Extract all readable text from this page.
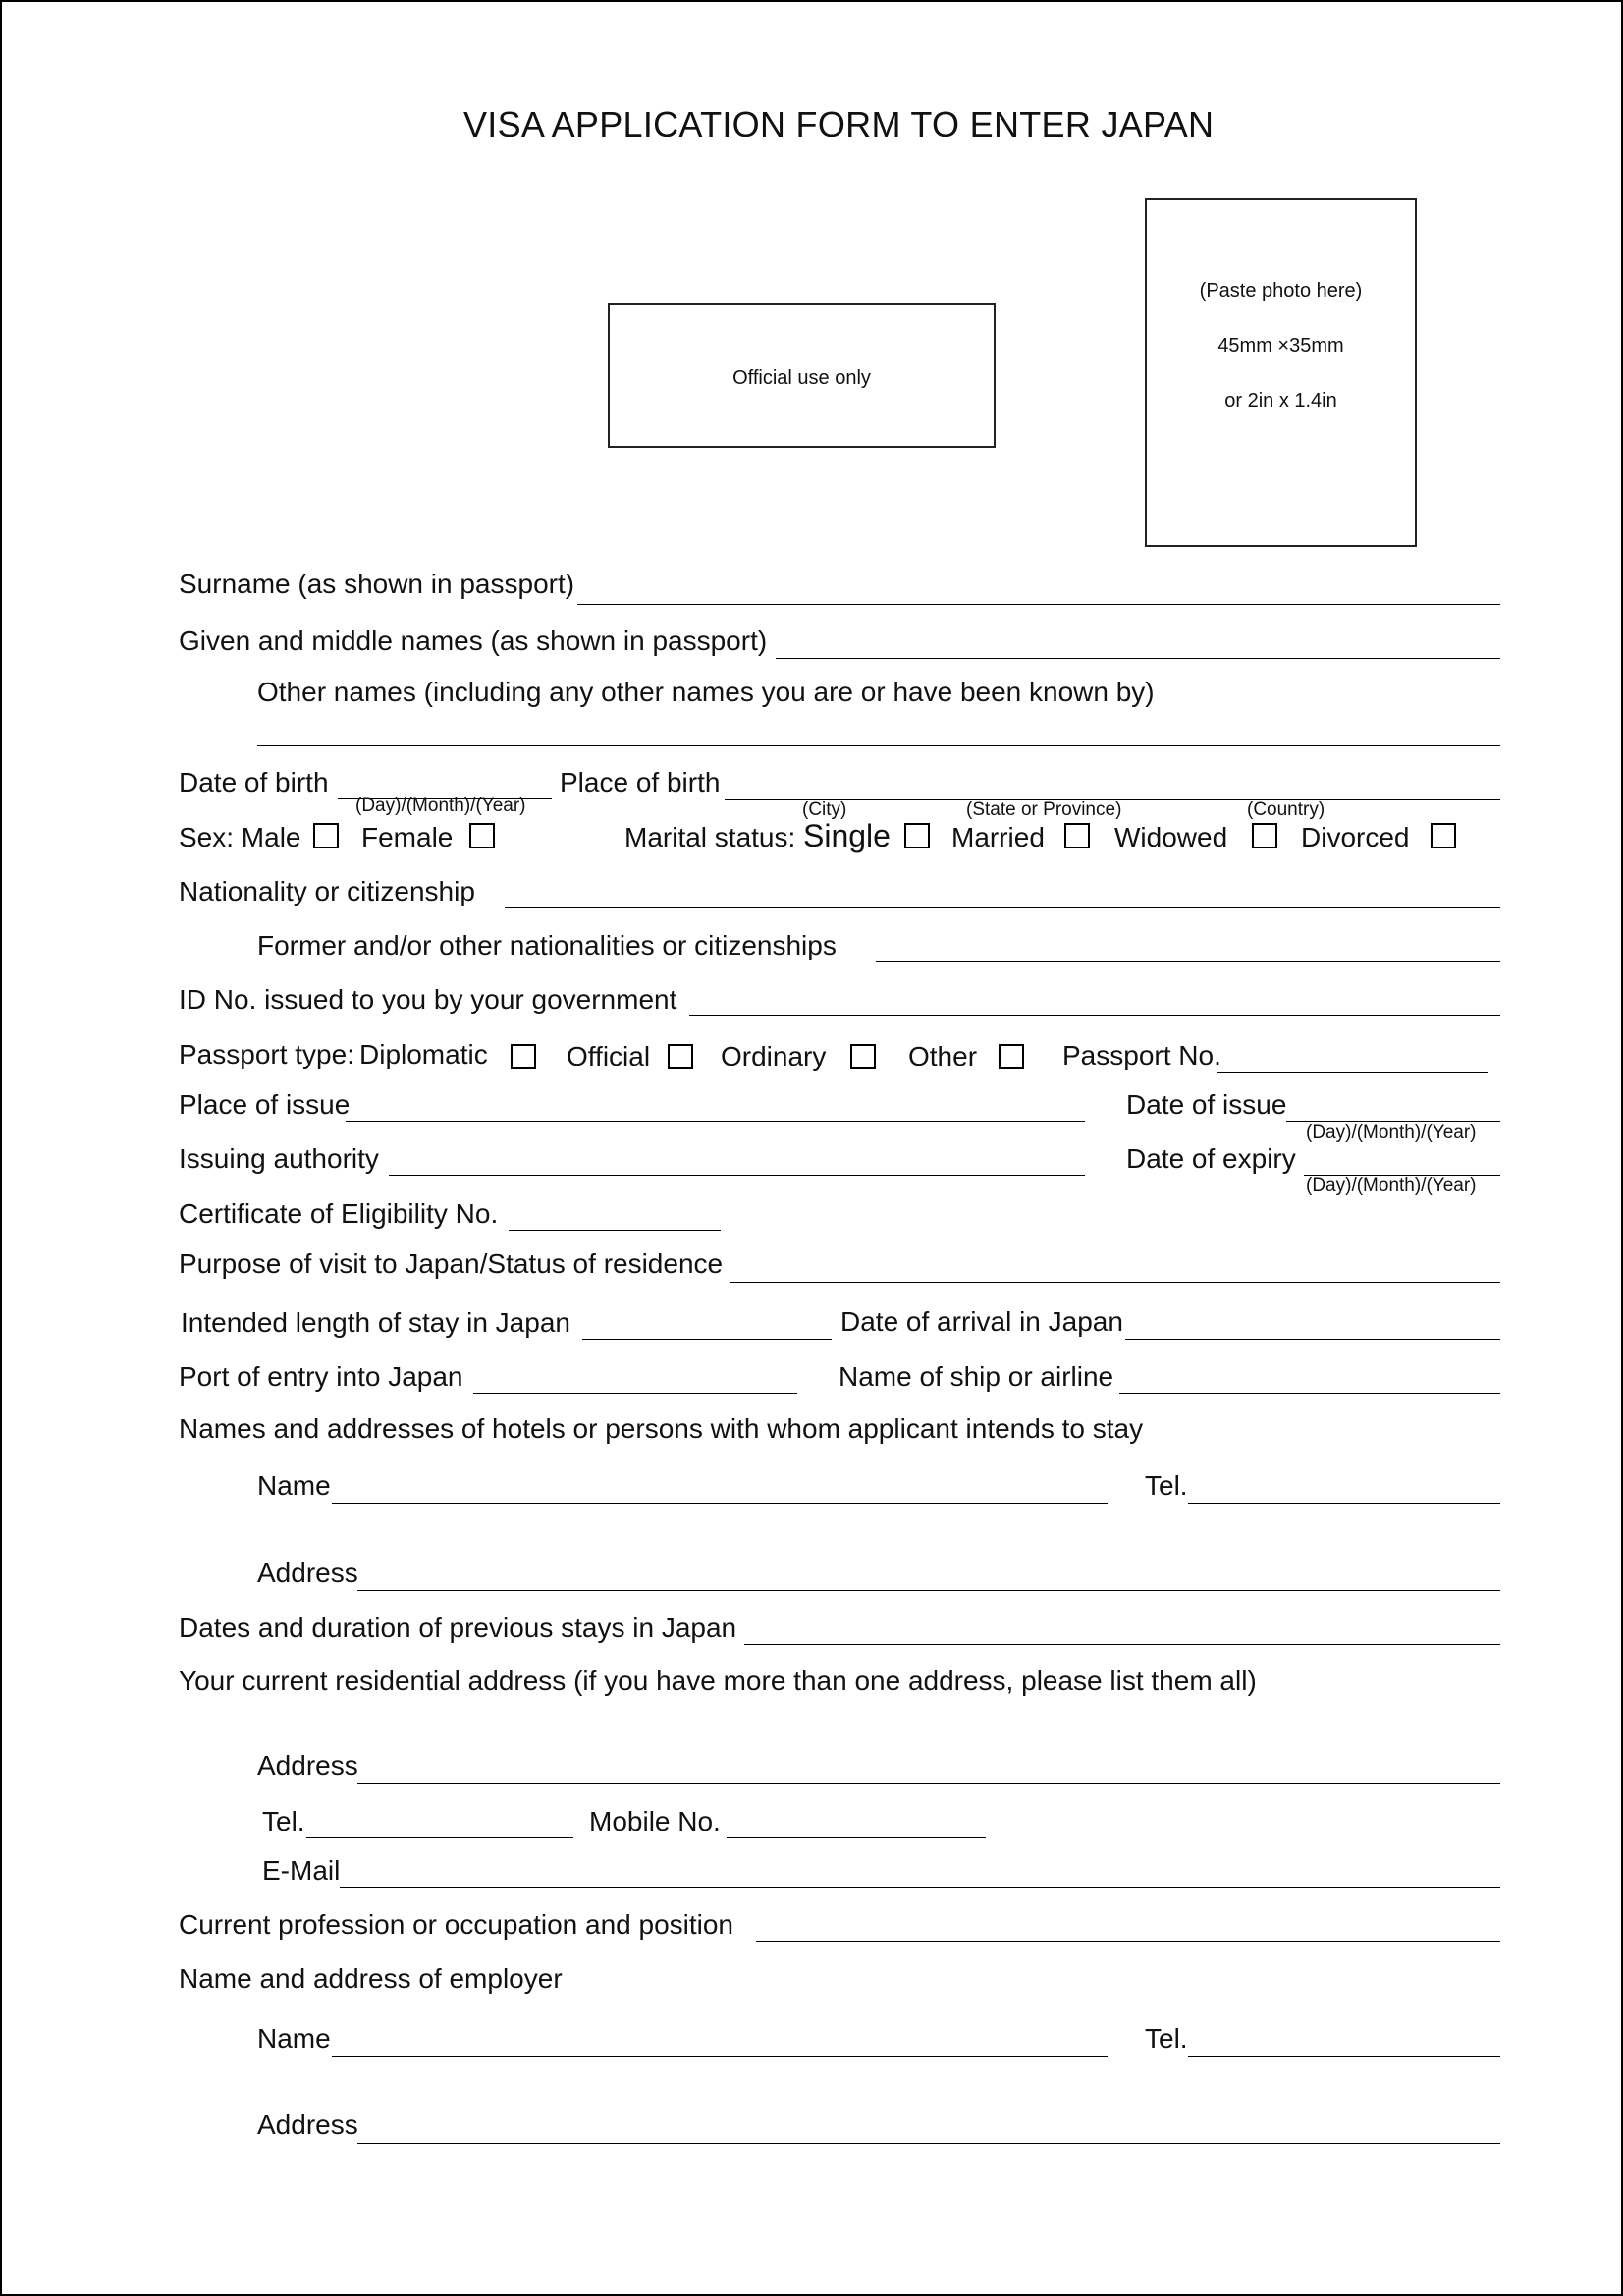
VISA APPLICATION FORM TO ENTER JAPAN
Official use only
(Paste photo here)
45mm ×35mm
or 2in x 1.4in
Surname (as shown in passport)
Given and middle names (as shown in passport)
Other names (including any other names you are or have been known by)
Date of birth
(Day)/(Month)/(Year)
Place of birth
(City)	(State or Province)	(Country)
Sex: Male Female	Marital status: Single Married	Widowed	Divorced
Nationality or citizenship
Former and/or other nationalities or citizenships
ID No. issued to you by your government
Passport type: Diplomatic	Official	Ordinary	Other	Passport No.
Place of issue	Date of issue
(Day)/(Month)/(Year)
Issuing authority	Date of expiry
(Day)/(Month)/(Year)
Certificate of Eligibility No.
Purpose of visit to Japan/Status of residence
Intended length of stay in Japan	Date of arrival in Japan
Port of entry into Japan	Name of ship or airline
Names and addresses of hotels or persons with whom applicant intends to stay
Name	Tel.
Address
Dates and duration of previous stays in Japan
Your current residential address (if you have more than one address, please list them all)
Address
Tel.	Mobile No.
E-Mail
Current profession or occupation and position
Name and address of employer
Name	Tel.
Address
